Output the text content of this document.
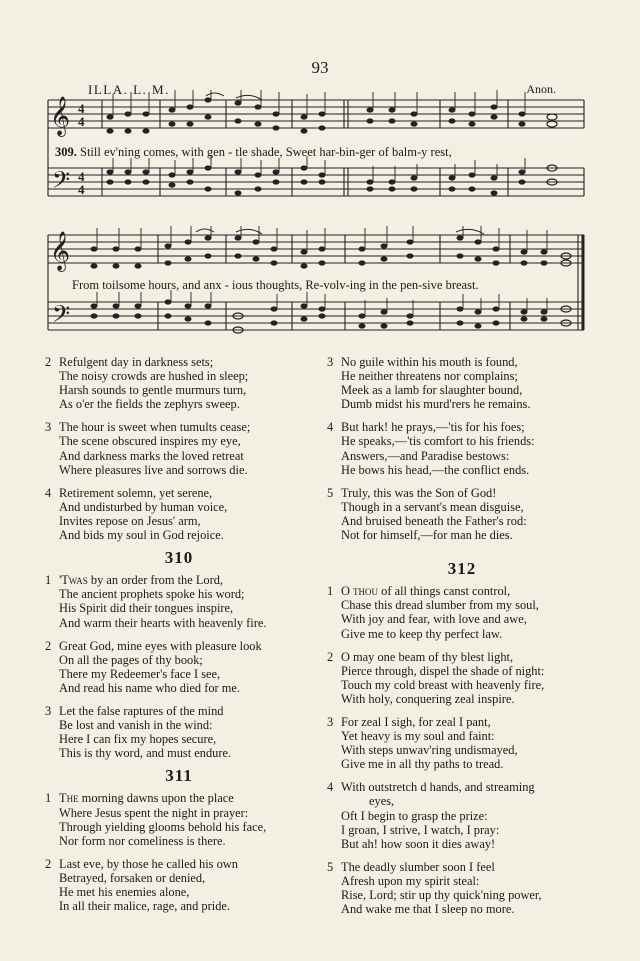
93
ILLA. L. M.	Anon.
𝄞
𝄢
4
4
4
4
309. Still ev'ning comes, with gen - tle shade, Sweet har-bin-ger of balm-y rest,
𝄞
𝄢
From toilsome hours, and anx - ious thoughts, Re-volv-ing in the pen-sive breast.
2 Refulgent day in darkness sets;
The noisy crowds are hushed in sleep;
Harsh sounds to gentle murmurs turn,
As o'er the fields the zephyrs sweep.
3 The hour is sweet when tumults cease;
The scene obscured inspires my eye,
And darkness marks the loved retreat
Where pleasures live and sorrows die.
4 Retirement solemn, yet serene,
And undisturbed by human voice,
Invites repose on Jesus' arm,
And bids my soul in God rejoice.
310
1 'Twas by an order from the Lord,
The ancient prophets spoke his word;
His Spirit did their tongues inspire,
And warm their hearts with heavenly fire.
2 Great God, mine eyes with pleasure look
On all the pages of thy book;
There my Redeemer's face I see,
And read his name who died for me.
3 Let the false raptures of the mind
Be lost and vanish in the wind:
Here I can fix my hopes secure,
This is thy word, and must endure.
311
1 The morning dawns upon the place
Where Jesus spent the night in prayer:
Through yielding glooms behold his face,
Nor form nor comeliness is there.
2 Last eve, by those he called his own
Betrayed, forsaken or denied,
He met his enemies alone,
In all their malice, rage, and pride.
3 No guile within his mouth is found,
He neither threatens nor complains;
Meek as a lamb for slaughter bound,
Dumb midst his murd'rers he remains.
4 But hark! he prays,—'tis for his foes;
He speaks,—'tis comfort to his friends:
Answers,—and Paradise bestows:
He bows his head,—the conflict ends.
5 Truly, this was the Son of God!
Though in a servant's mean disguise,
And bruised beneath the Father's rod:
Not for himself,—for man he dies.
312
1 O thou of all things canst control,
Chase this dread slumber from my soul,
With joy and fear, with love and awe,
Give me to keep thy perfect law.
2 O may one beam of thy blest light,
Pierce through, dispel the shade of night:
Touch my cold breast with heavenly fire,
With holy, conquering zeal inspire.
3 For zeal I sigh, for zeal I pant,
Yet heavy is my soul and faint:
With steps unwav'ring undismayed,
Give me in all thy paths to tread.
4 With outstretch d hands, and streaming
eyes,
Oft I begin to grasp the prize:
I groan, I strive, I watch, I pray:
But ah! how soon it dies away!
5 The deadly slumber soon I feel
Afresh upon my spirit steal:
Rise, Lord; stir up thy quick'ning power,
And wake me that I sleep no more.
